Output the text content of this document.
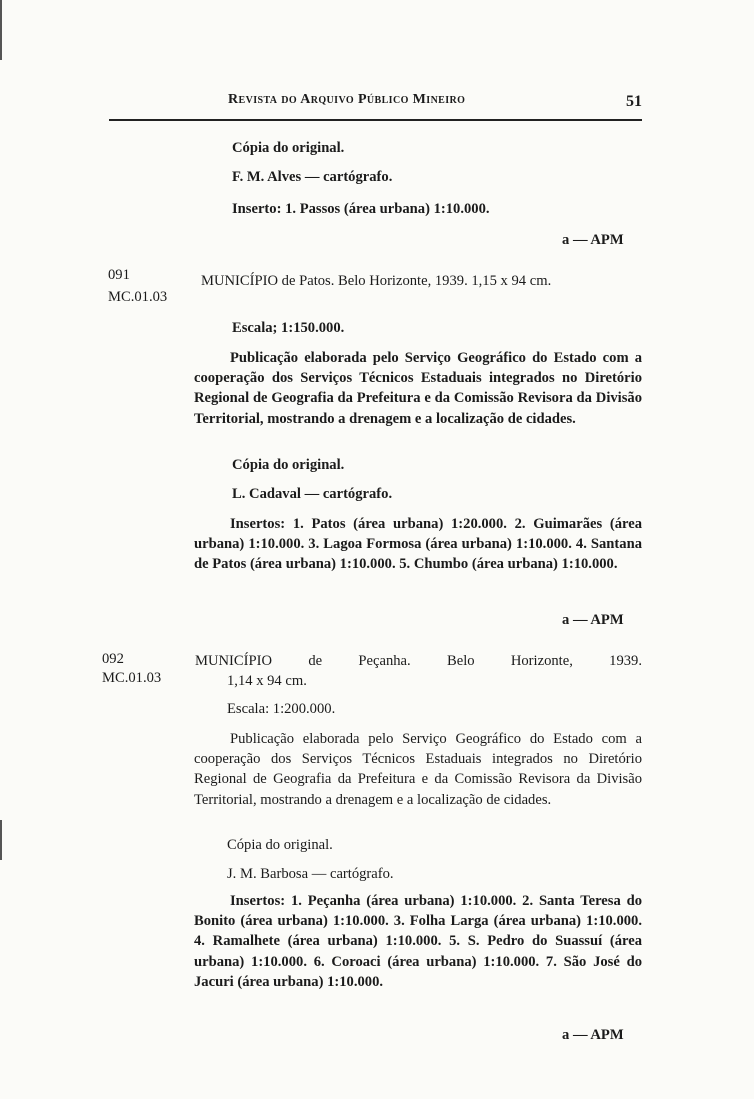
Revista do Arquivo Público Mineiro	51
Cópia do original.
F. M. Alves — cartógrafo.
Inserto: 1. Passos (área urbana) 1:10.000.
a — APM
091
MC.01.03
MUNICÍPIO de Patos. Belo Horizonte, 1939. 1,15 x 94 cm.
Escala; 1:150.000.
Publicação elaborada pelo Serviço Geográfico do Estado com a cooperação dos Serviços Técnicos Estaduais integrados no Diretório Regional de Geografia da Prefeitura e da Comissão Revisora da Divisão Territorial, mostrando a drenagem e a localização de cidades.
Cópia do original.
L. Cadaval — cartógrafo.
Insertos: 1. Patos (área urbana) 1:20.000. 2. Guimarães (área urbana) 1:10.000. 3. Lagoa Formosa (área urbana) 1:10.000. 4. Santana de Patos (área urbana) 1:10.000. 5. Chumbo (área urbana) 1:10.000.
a — APM
092
MC.01.03
MUNICÍPIO de Peçanha. Belo Horizonte, 1939.
1,14 x 94 cm.
Escala: 1:200.000.
Publicação elaborada pelo Serviço Geográfico do Estado com a cooperação dos Serviços Técnicos Estaduais integrados no Diretório Regional de Geografia da Prefeitura e da Comissão Revisora da Divisão Territorial, mostrando a drenagem e a localização de cidades.
Cópia do original.
J. M. Barbosa — cartógrafo.
Insertos: 1. Peçanha (área urbana) 1:10.000. 2. Santa Teresa do Bonito (área urbana) 1:10.000. 3. Folha Larga (área urbana) 1:10.000. 4. Ramalhete (área urbana) 1:10.000. 5. S. Pedro do Suassuí (área urbana) 1:10.000. 6. Coroaci (área urbana) 1:10.000. 7. São José do Jacuri (área urbana) 1:10.000.
a — APM
